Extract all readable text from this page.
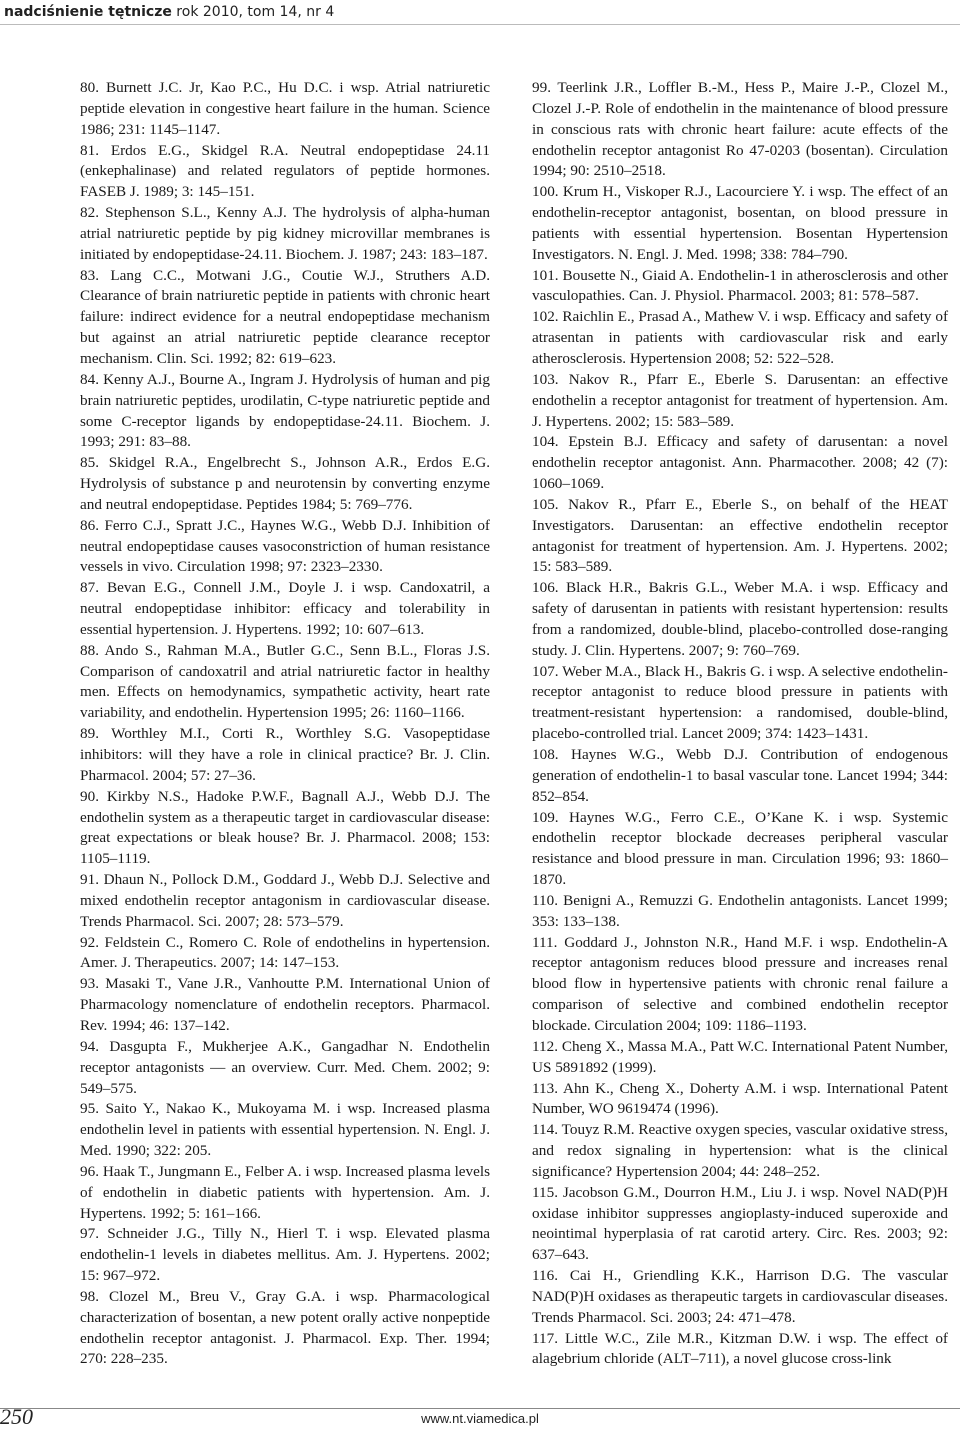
nadciśnienie tętnicze rok 2010, tom 14, nr 4

80. Burnett J.C. Jr, Kao P.C., Hu D.C. i wsp. Atrial natriuretic peptide elevation in congestive heart failure in the human. Science 1986; 231: 1145–1147.

81. Erdos E.G., Skidgel R.A. Neutral endopeptidase 24.11 (enkephalinase) and related regulators of peptide hormones. FASEB J. 1989; 3: 145–151.

82. Stephenson S.L., Kenny A.J. The hydrolysis of alpha-human atrial natriuretic peptide by pig kidney microvillar membranes is initiated by endopeptidase-24.11. Biochem. J. 1987; 243: 183–187.

83. Lang C.C., Motwani J.G., Coutie W.J., Struthers A.D. Clearance of brain natriuretic peptide in patients with chronic heart failure: indirect evidence for a neutral endopeptidase mechanism but against an atrial natriuretic peptide clearance receptor mechanism. Clin. Sci. 1992; 82: 619–623.

84. Kenny A.J., Bourne A., Ingram J. Hydrolysis of human and pig brain natriuretic peptides, urodilatin, C-type natriuretic peptide and some C-receptor ligands by endopeptidase-24.11. Biochem. J. 1993; 291: 83–88.

85. Skidgel R.A., Engelbrecht S., Johnson A.R., Erdos E.G. Hydrolysis of substance p and neurotensin by converting enzyme and neutral endopeptidase. Peptides 1984; 5: 769–776.

86. Ferro C.J., Spratt J.C., Haynes W.G., Webb D.J. Inhibition of neutral endopeptidase causes vasoconstriction of human resistance vessels in vivo. Circulation 1998; 97: 2323–2330.

87. Bevan E.G., Connell J.M., Doyle J. i wsp. Candoxatril, a neutral endopeptidase inhibitor: efficacy and tolerability in essential hypertension. J. Hypertens. 1992; 10: 607–613.

88. Ando S., Rahman M.A., Butler G.C., Senn B.L., Floras J.S. Comparison of candoxatril and atrial natriuretic factor in healthy men. Effects on hemodynamics, sympathetic activity, heart rate variability, and endothelin. Hypertension 1995; 26: 1160–1166.

89. Worthley M.I., Corti R., Worthley S.G. Vasopeptidase inhibitors: will they have a role in clinical practice? Br. J. Clin. Pharmacol. 2004; 57: 27–36.

90. Kirkby N.S., Hadoke P.W.F., Bagnall A.J., Webb D.J. The endothelin system as a therapeutic target in cardiovascular disease: great expectations or bleak house? Br. J. Pharmacol. 2008; 153: 1105–1119.

91. Dhaun N., Pollock D.M., Goddard J., Webb D.J. Selective and mixed endothelin receptor antagonism in cardiovascular disease. Trends Pharmacol. Sci. 2007; 28: 573–579.

92. Feldstein C., Romero C. Role of endothelins in hypertension. Amer. J. Therapeutics. 2007; 14: 147–153.

93. Masaki T., Vane J.R., Vanhoutte P.M. International Union of Pharmacology nomenclature of endothelin receptors. Pharmacol. Rev. 1994; 46: 137–142.

94. Dasgupta F., Mukherjee A.K., Gangadhar N. Endothelin receptor antagonists — an overview. Curr. Med. Chem. 2002; 9: 549–575.

95. Saito Y., Nakao K., Mukoyama M. i wsp. Increased plasma endothelin level in patients with essential hypertension. N. Engl. J. Med. 1990; 322: 205.

96. Haak T., Jungmann E., Felber A. i wsp. Increased plasma levels of endothelin in diabetic patients with hypertension. Am. J. Hypertens. 1992; 5: 161–166.

97. Schneider J.G., Tilly N., Hierl T. i wsp. Elevated plasma endothelin-1 levels in diabetes mellitus. Am. J. Hypertens. 2002; 15: 967–972.

98. Clozel M., Breu V., Gray G.A. i wsp. Pharmacological characterization of bosentan, a new potent orally active nonpeptide endothelin receptor antagonist. J. Pharmacol. Exp. Ther. 1994; 270: 228–235.

99. Teerlink J.R., Loffler B.-M., Hess P., Maire J.-P., Clozel M., Clozel J.-P. Role of endothelin in the maintenance of blood pressure in conscious rats with chronic heart failure: acute effects of the endothelin receptor antagonist Ro 47-0203 (bosentan). Circulation 1994; 90: 2510–2518.

100. Krum H., Viskoper R.J., Lacourciere Y. i wsp. The effect of an endothelin-receptor antagonist, bosentan, on blood pressure in patients with essential hypertension. Bosentan Hypertension Investigators. N. Engl. J. Med. 1998; 338: 784–790.

101. Bousette N., Giaid A. Endothelin-1 in atherosclerosis and other vasculopathies. Can. J. Physiol. Pharmacol. 2003; 81: 578–587.

102. Raichlin E., Prasad A., Mathew V. i wsp. Efficacy and safety of atrasentan in patients with cardiovascular risk and early atherosclerosis. Hypertension 2008; 52: 522–528.

103. Nakov R., Pfarr E., Eberle S. Darusentan: an effective endothelin a receptor antagonist for treatment of hypertension. Am. J. Hypertens. 2002; 15: 583–589.

104. Epstein B.J. Efficacy and safety of darusentan: a novel endothelin receptor antagonist. Ann. Pharmacother. 2008; 42 (7): 1060–1069.

105. Nakov R., Pfarr E., Eberle S., on behalf of the HEAT Investigators. Darusentan: an effective endothelin receptor antagonist for treatment of hypertension. Am. J. Hypertens. 2002; 15: 583–589.

106. Black H.R., Bakris G.L., Weber M.A. i wsp. Efficacy and safety of darusentan in patients with resistant hypertension: results from a randomized, double-blind, placebo-controlled dose-ranging study. J. Clin. Hypertens. 2007; 9: 760–769.

107. Weber M.A., Black H., Bakris G. i wsp. A selective endothelin-receptor antagonist to reduce blood pressure in patients with treatment-resistant hypertension: a randomised, double-blind, placebo-controlled trial. Lancet 2009; 374: 1423–1431.

108. Haynes W.G., Webb D.J. Contribution of endogenous generation of endothelin-1 to basal vascular tone. Lancet 1994; 344: 852–854.

109. Haynes W.G., Ferro C.E., O’Kane K. i wsp. Systemic endothelin receptor blockade decreases peripheral vascular resistance and blood pressure in man. Circulation 1996; 93: 1860–1870.

110. Benigni A., Remuzzi G. Endothelin antagonists. Lancet 1999; 353: 133–138.

111. Goddard J., Johnston N.R., Hand M.F. i wsp. Endothelin-A receptor antagonism reduces blood pressure and increases renal blood flow in hypertensive patients with chronic renal failure a comparison of selective and combined endothelin receptor blockade. Circulation 2004; 109: 1186–1193.

112. Cheng X., Massa M.A., Patt W.C. International Patent Number, US 5891892 (1999).

113. Ahn K., Cheng X., Doherty A.M. i wsp. International Patent Number, WO 9619474 (1996).

114. Touyz R.M. Reactive oxygen species, vascular oxidative stress, and redox signaling in hypertension: what is the clinical significance? Hypertension 2004; 44: 248–252.

115. Jacobson G.M., Dourron H.M., Liu J. i wsp. Novel NAD(P)H oxidase inhibitor suppresses angioplasty-induced superoxide and neointimal hyperplasia of rat carotid artery. Circ. Res. 2003; 92: 637–643.

116. Cai H., Griendling K.K., Harrison D.G. The vascular NAD(P)H oxidases as therapeutic targets in cardiovascular diseases. Trends Pharmacol. Sci. 2003; 24: 471–478.

117. Little W.C., Zile M.R., Kitzman D.W. i wsp. The effect of alagebrium chloride (ALT–711), a novel glucose cross-link

250	www.nt.viamedica.pl
